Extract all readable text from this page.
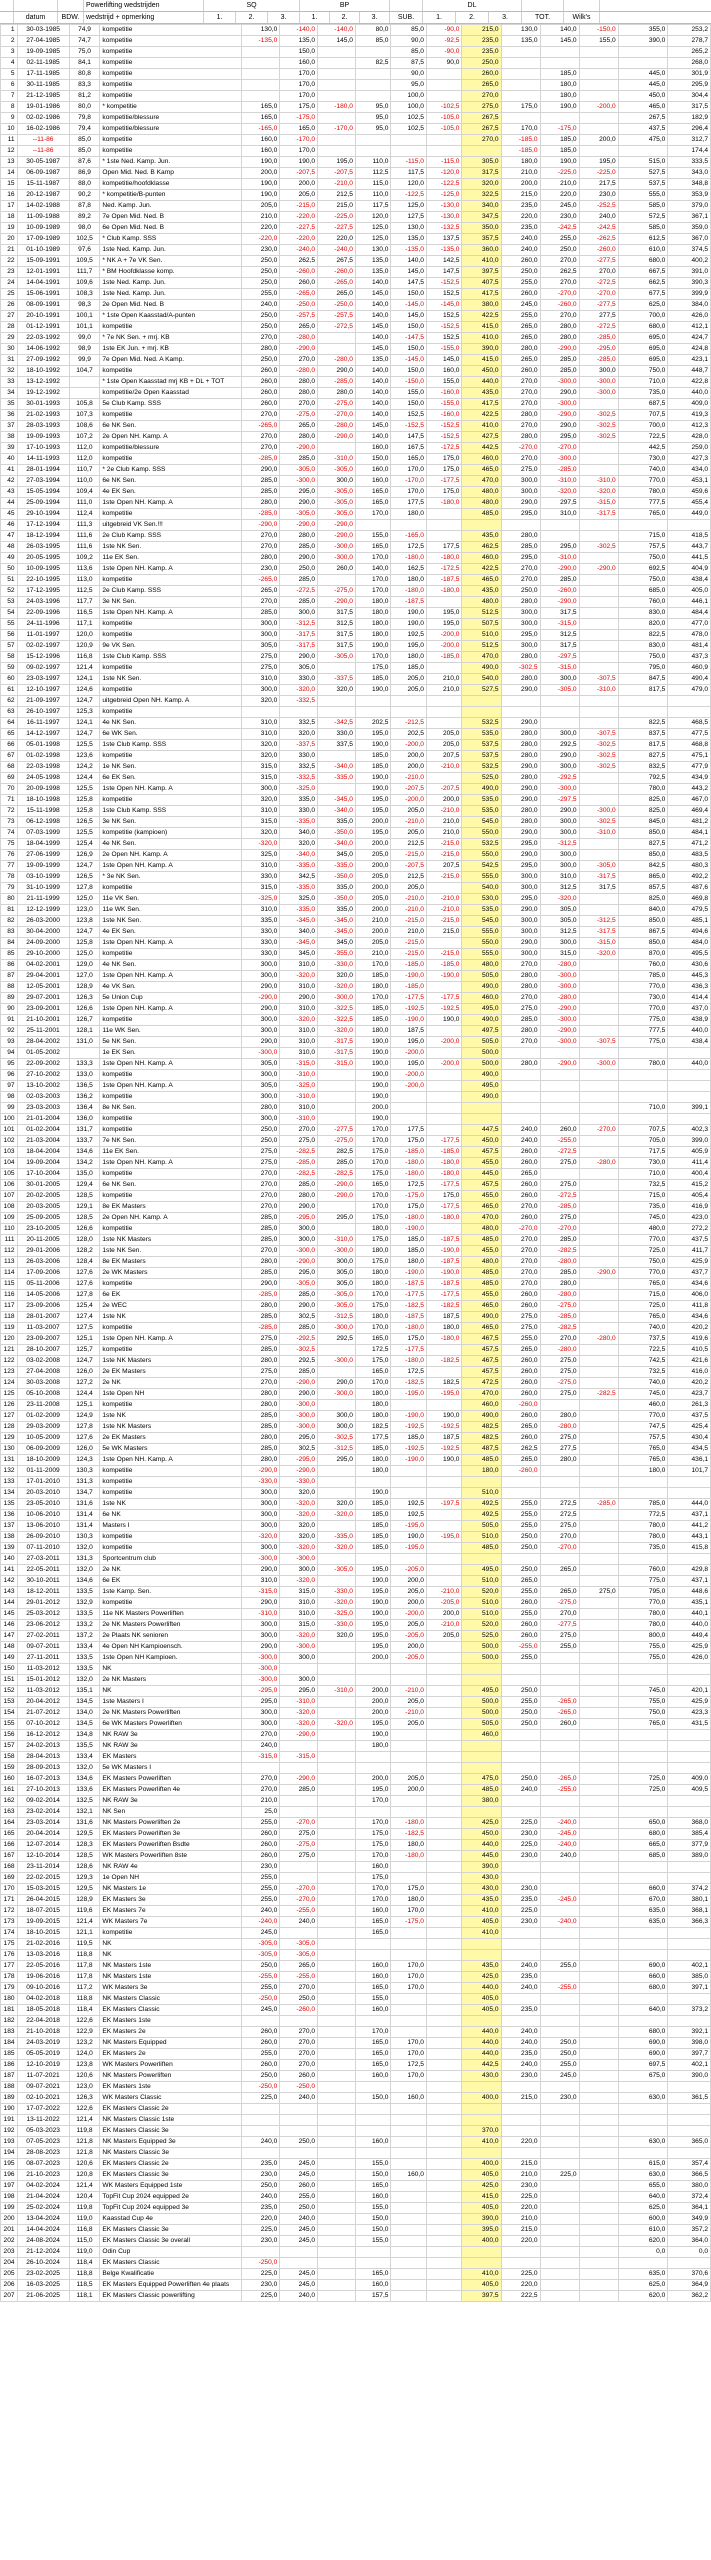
Powerlifting wedstrijden	SQ	BP	DL
datum	BDW. wedstrijd + opmerking	1.	2.	3.	1.	2.	3.	SUB.	1.	2.	3.	TOT.	Wilk's
1	30-03-1985	74,9	kompetitie	130,0	-140,0	-140,0	80,0	85,0	-90,0	215,0	130,0	140,0	-150,0	355,0	253,2
2	27-04-1985	74,7	kompetitie	-135,0	135,0	145,0	85,0	90,0	-92,5	235,0	135,0	145,0	155,0	390,0	278,7
3	19-09-1985	75,0	kompetitie		150,0			85,0	-90,0	235,0					265,2
4	02-11-1985	84,1	kompetitie		160,0		82,5	87,5	90,0	250,0					268,0
5	17-11-1985	80,8	kompetitie		170,0			90,0		260,0		185,0		445,0	301,9
6	30-11-1985	83,3	kompetitie		170,0			95,0		265,0		180,0		445,0	295,9
7	21-12-1985	81,2	kompetitie		170,0			100,0		270,0		180,0		450,0	304,4
8	19-01-1986	80,0	* kompetitie	165,0	175,0	-180,0	95,0	100,0	-102,5	275,0	175,0	190,0	-200,0	465,0	317,5
9	02-02-1986	79,8	kompetitie/blessure	165,0	-175,0		95,0	102,5	-105,0	267,5				267,5	182,9
10	16-02-1986	79,4	kompetitie/blessure	-165,0	165,0	-170,0	95,0	102,5	-105,0	267,5	170,0	-175,0		437,5	296,4
11	--11-86	85,0	kompetitie	160,0	-170,0					270,0	-185,0	185,0	200,0	475,0	312,7
12	--11-86	85,0	kompetitie	160,0	170,0						-185,0	185,0			174,4
13	30-05-1987	87,6	* 1ste Ned. Kamp. Jun.	190,0	190,0	195,0	110,0	-115,0	-115,0	305,0	180,0	190,0	195,0	515,0	333,5
14	06-09-1987	86,9	Open Mid. Ned. B Kamp	200,0	-207,5	-207,5	112,5	117,5	-120,0	317,5	210,0	-225,0	-225,0	527,5	343,0
15	15-11-1987	88,0	kompetitie/hoofdklasse	190,0	200,0	-210,0	115,0	120,0	-122,5	320,0	200,0	210,0	217,5	537,5	348,8
16	20-12-1987	90,2	* kompetitie/B-punten	190,0	205,0	212,5	110,0	-122,5	-125,0	322,5	215,0	220,0	230,0	555,0	353,9
17	14-02-1988	87,8	Ned. Kamp. Jun.	205,0	-215,0	215,0	117,5	125,0	-130,0	340,0	235,0	245,0	-252,5	585,0	379,0
18	11-09-1988	89,2	7e Open Mid. Ned. B	210,0	-220,0	-225,0	120,0	127,5	-130,0	347,5	220,0	230,0	240,0	572,5	367,1
19	10-09-1989	98,0	6e Open Mid. Ned. B	220,0	-227,5	-227,5	125,0	130,0	-132,5	350,0	235,0	-242,5	-242,5	585,0	359,0
20	17-09-1989	102,5	* Club Kamp. SSS	-220,0	-220,0	220,0	125,0	135,0	137,5	357,5	240,0	255,0	-262,5	612,5	367,0
21	01-10-1989	97,6	1ste Ned. Kamp. Jun.	230,0	-240,0	-240,0	130,0	-135,0	-135,0	360,0	240,0	250,0	-260,0	610,0	374,5
22	15-09-1991	109,5	* NK A + 7e VK Sen.	250,0	262,5	267,5	135,0	140,0	142,5	410,0	260,0	270,0	-277,5	680,0	400,2
23	12-01-1991	111,7	* BM Hoofdklasse komp.	250,0	-260,0	-260,0	135,0	145,0	147,5	397,5	250,0	262,5	270,0	667,5	391,0
24	14-04-1991	109,6	1ste Ned. Kamp. Jun.	250,0	260,0	-265,0	140,0	147,5	-152,5	407,5	255,0	270,0	-272,5	662,5	390,3
25	15-06-1991	108,3	1ste Ned. Kamp. Jun.	255,0	-265,0	265,0	145,0	150,0	152,5	417,5	260,0	-270,0	-270,0	677,5	399,9
26	08-09-1991	98,3	2e Open Mid. Ned. B	240,0	-250,0	-250,0	140,0	-145,0	-145,0	380,0	245,0	-260,0	-277,5	625,0	384,0
27	20-10-1991	100,1	* 1ste Open Kaasstad/A-punten	250,0	-257,5	-257,5	140,0	145,0	152,5	422,5	255,0	270,0	277,5	700,0	426,0
28	01-12-1991	101,1	kompetitie	250,0	265,0	-272,5	145,0	150,0	-152,5	415,0	265,0	280,0	-272,5	680,0	412,1
29	22-03-1992	99,0	* 7e NK Sen. + mrj. KB	270,0	-280,0		140,0	-147,5	152,5	410,0	265,0	280,0	-285,0	695,0	424,7
30	14-06-1992	98,9	1ste EK Jun. + mrj. KB	280,0	-290,0		145,0	150,0	-155,0	390,0	280,0	-290,0	-295,0	695,0	424,8
31	27-09-1992	99,9	7e Open Mid. Ned. A Kamp.	250,0	270,0	-280,0	135,0	-145,0	145,0	415,0	265,0	285,0	-285,0	695,0	423,1
32	18-10-1992	104,7	kompetitie	260,0	-280,0	290,0	140,0	150,0	160,0	450,0	260,0	285,0	300,0	750,0	448,7
33	13-12-1992		* 1ste Open Kaasstad mrj KB + DL + TOT	260,0	280,0	-285,0	140,0	-150,0	155,0	440,0	270,0	-300,0	-300,0	710,0	422,8
34	19-12-1992		kompetitie/2e Open Kaasstad	260,0	280,0	280,0	140,0	155,0	-160,0	435,0	270,0	290,0	-300,0	735,0	440,0
35	30-01-1993	105,8	5e Club Kamp. SSS	260,0	270,0	-275,0	140,0	150,0	-155,0	417,5	270,0	-300,0		687,5	409,0
36	21-02-1993	107,3	kompetitie	270,0	-275,0	-270,0	140,0	152,5	-160,0	422,5	280,0	-290,0	-302,5	707,5	419,3
37	28-03-1993	108,6	6e NK Sen.	-265,0	265,0	-280,0	145,0	-152,5	-152,5	410,0	270,0	290,0	-302,5	700,0	412,3
38	19-09-1993	107,2	2e Open NH. Kamp. A	270,0	280,0	-290,0	140,0	147,5	-152,5	427,5	280,0	295,0	-302,5	722,5	428,0
39	17-10-1993	112,0	kompetitie/blessure	270,0	-290,0		160,0	167,5	-172,5	442,5	-270,0	-270,0		442,5	259,0
40	14-11-1993	112,0	kompetitie	-285,0	285,0	-310,0	150,0	165,0	175,0	460,0	270,0	-300,0		730,0	427,3
41	28-01-1994	110,7	* 2e Club Kamp. SSS	290,0	-305,0	-305,0	160,0	170,0	175,0	465,0	275,0	-285,0		740,0	434,0
42	27-03-1994	110,0	6e NK Sen.	285,0	-300,0	300,0	160,0	-170,0	-177,5	470,0	300,0	-310,0	-310,0	770,0	453,1
43	15-05-1994	109,4	4e EK Sen.	285,0	295,0	-305,0	165,0	170,0	175,0	480,0	300,0	-320,0	-320,0	780,0	459,6
44	25-09-1994	111,0	1ste Open NH. Kamp. A	280,0	290,0	-305,0	165,0	177,5	-180,0	480,0	290,0	297,5	-315,0	777,5	455,4
45	29-10-1994	112,4	kompetitie	-285,0	-305,0	-305,0	170,0	180,0		485,0	295,0	310,0	-317,5	765,0	449,0
46	17-12-1994	111,3	uitgebreid VK Sen.!!!	-290,0	-290,0	-290,0									
47	18-12-1994	111,6	2e Club Kamp. SSS	270,0	280,0	-290,0	155,0	-165,0		435,0	280,0			715,0	418,5
48	26-03-1995	111,6	1ste NK Sen.	270,0	285,0	-300,0	165,0	172,5	177,5	462,5	285,0	295,0	-302,5	757,5	443,7
49	20-05-1995	109,2	11e EK Sen.	280,0	290,0	-300,0	170,0	-180,0	-180,0	460,0	295,0	-310,0		750,0	441,5
50	10-09-1995	113,6	1ste Open NH. Kamp. A	230,0	250,0	260,0	140,0	162,5	-172,5	422,5	270,0	-290,0	-290,0	692,5	404,9
51	22-10-1995	113,0	kompetitie	-265,0	285,0		170,0	180,0	-187,5	465,0	270,0	285,0		750,0	438,4
52	17-12-1995	112,5	2e Club Kamp. SSS	265,0	-272,5	-275,0	170,0	-180,0	-180,0	435,0	250,0	-260,0		685,0	405,0
53	24-03-1996	117,7	3e NK Sen.	270,0	285,0	-290,0	180,0	-187,5		480,0	280,0	-290,0		760,0	446,1
54	22-09-1996	116,5	1ste Open NH. Kamp. A	285,0	300,0	317,5	180,0	190,0	195,0	512,5	300,0	317,5		830,0	484,4
55	24-11-1996	117,1	kompetitie	300,0	-312,5	312,5	180,0	190,0	195,0	507,5	300,0	-315,0		820,0	477,0
56	11-01-1997	120,0	kompetitie	300,0	-317,5	317,5	180,0	192,5	-200,0	510,0	295,0	312,5		822,5	478,0
57	02-02-1997	120,9	9e VK Sen.	305,0	-317,5	317,5	190,0	195,0	-200,0	512,5	300,0	317,5		830,0	481,4
58	15-12-1996	116,8	1ste Club Kamp. SSS	275,0	290,0	-305,0	170,0	180,0	-185,0	470,0	280,0	-297,5		750,0	437,3
59	09-02-1997	121,4	kompetitie	275,0	305,0		175,0	185,0		490,0	-302,5	-315,0		795,0	460,9
60	23-03-1997	124,1	1ste NK Sen.	310,0	330,0	-337,5	185,0	205,0	210,0	540,0	280,0	300,0	-307,5	847,5	490,4
61	12-10-1997	124,6	kompetitie	300,0	-320,0	320,0	190,0	205,0	210,0	527,5	290,0	-305,0	-310,0	817,5	479,0
62	21-09-1997	124,7	uitgebreid Open NH. Kamp. A	320,0	-332,5										
63	26-10-1997	125,3	kompetitie												
64	16-11-1997	124,1	4e NK Sen.	310,0	332,5	-342,5	202,5	-212,5		532,5	290,0			822,5	468,5
65	14-12-1997	124,7	6e WK Sen.	310,0	320,0	330,0	195,0	202,5	205,0	535,0	280,0	300,0	-307,5	837,5	477,5
66	05-01-1998	125,5	1ste Club Kamp. SSS	320,0	-337,5	337,5	190,0	-200,0	205,0	537,5	280,0	292,5	-302,5	817,5	468,8
67	01-02-1998	123,6	kompetitie	320,0	330,0		185,0	200,0	207,5	537,5	280,0	290,0	-302,5	827,5	475,1
68	22-03-1998	124,2	1e NK Sen.	315,0	332,5	-340,0	185,0	200,0	-210,0	532,5	290,0	300,0	-302,5	832,5	477,9
69	24-05-1998	124,4	6e EK Sen.	315,0	-332,5	-335,0	190,0	-210,0		525,0	280,0	-292,5		792,5	434,9
70	20-09-1998	125,5	1ste Open NH. Kamp. A	300,0	-325,0		190,0	-207,5	-207,5	490,0	290,0	-300,0		780,0	443,2
71	18-10-1998	125,8	kompetitie	320,0	335,0	-345,0	195,0	-200,0	200,0	535,0	290,0	-297,5		825,0	467,0
72	15-11-1998	125,8	1ste Club Kamp. SSS	310,0	330,0	-340,0	195,0	205,0	-210,0	535,0	280,0	290,0	-300,0	825,0	469,4
73	06-12-1998	126,5	3e NK Sen.	315,0	-335,0	335,0	200,0	-210,0	210,0	545,0	280,0	300,0	-302,5	845,0	481,2
74	07-03-1999	125,5	kompetitie (kampioen)	320,0	340,0	-350,0	195,0	205,0	210,0	550,0	290,0	300,0	-310,0	850,0	484,1
75	18-04-1999	125,4	4e NK Sen.	-320,0	320,0	-340,0	200,0	212,5	-215,0	532,5	295,0	-312,5		827,5	471,2
76	27-06-1999	126,9	2e Open NH. Kamp. A	325,0	-340,0	345,0	205,0	-215,0	-215,0	550,0	290,0	300,0		850,0	483,5
77	19-09-1999	124,7	1ste Open NH. Kamp. A	310,0	-335,0	-335,0	200,0	-207,5	207,5	542,5	295,0	300,0	-305,0	842,5	480,3
78	03-10-1999	126,5	* 3e NK Sen.	330,0	342,5	-350,0	205,0	212,5	-215,0	555,0	300,0	310,0	-317,5	865,0	492,2
79	31-10-1999	127,8	kompetitie	315,0	-335,0	335,0	200,0	205,0		540,0	300,0	312,5	317,5	857,5	487,6
80	21-11-1999	125,0	11e VK Sen.	-325,0	325,0	-350,0	205,0	-210,0	-210,0	530,0	295,0	-320,0		825,0	469,8
81	12-12-1999	123,0	11e WK Sen.	310,0	-335,0	335,0	200,0	-210,0	-210,0	535,0	290,0	305,0		840,0	479,5
82	26-03-2000	123,8	1ste NK Sen.	335,0	-345,0	-345,0	210,0	-215,0	-215,0	545,0	300,0	305,0	-312,5	850,0	485,1
83	30-04-2000	124,7	4e EK Sen.	330,0	340,0	-345,0	200,0	210,0	215,0	555,0	300,0	312,5	-317,5	867,5	494,6
84	24-09-2000	125,8	1ste Open NH. Kamp. A	330,0	-345,0	345,0	205,0	-215,0		550,0	290,0	300,0	-315,0	850,0	484,0
85	29-10-2000	125,0	kompetitie	330,0	345,0	-355,0	210,0	-215,0	-215,0	555,0	300,0	315,0	-320,0	870,0	495,5
86	04-02-2001	129,0	4e NK Sen.	300,0	310,0	-330,0	170,0	-185,0	-185,0	480,0	270,0	-280,0		760,0	430,6
87	29-04-2001	127,0	1ste Open NH. Kamp. A	300,0	-320,0	320,0	185,0	-190,0	-190,0	505,0	280,0	-300,0		785,0	445,3
88	12-05-2001	128,9	4e VK Sen.	290,0	310,0	-320,0	180,0	-185,0		490,0	280,0	-300,0		770,0	436,3
89	29-07-2001	126,3	5e Union Cup	-290,0	290,0	-300,0	170,0	-177,5	-177,5	460,0	270,0	-280,0		730,0	414,4
90	23-09-2001	126,6	1ste Open NH. Kamp. A	290,0	310,0	-322,5	185,0	-192,5	-192,5	495,0	275,0	-290,0		770,0	437,0
91	21-10-2001	126,7	kompetitie	300,0	-320,0	-322,5	185,0	-190,0	190,0	490,0	285,0	-300,0		775,0	438,9
92	25-11-2001	128,1	11e WK Sen.	300,0	310,0	-320,0	180,0	187,5		497,5	280,0	-290,0		777,5	440,0
93	28-04-2002	131,0	5e NK Sen.	290,0	310,0	-317,5	190,0	195,0	-200,0	505,0	270,0	-300,0	-307,5	775,0	438,4
94	01-05-2002		1e EK Sen.	-300,0	310,0	-317,5	190,0	-200,0		500,0					
95	22-09-2002	133,3	1ste Open NH. Kamp. A	305,0	-315,0	-315,0	190,0	195,0	-200,0	500,0	280,0	-290,0	-300,0	780,0	440,0
96	27-10-2002	133,0	kompetitie	300,0	-310,0		190,0	-200,0		490,0					
97	13-10-2002	136,5	1ste Open NH. Kamp. A	305,0	-325,0		190,0	-200,0		495,0					
98	02-03-2003	136,2	kompetitie	300,0	-310,0		190,0			490,0					
99	23-03-2003	136,4	8e NK Sen.	280,0	310,0		200,0							710,0	399,1
100	21-01-2004	136,0	kompetitie	300,0	-310,0		190,0								
101	01-02-2004	131,7	kompetitie	250,0	270,0	-277,5	170,0	177,5		447,5	240,0	260,0	-270,0	707,5	402,3
102	21-03-2004	133,7	7e NK Sen.	250,0	275,0	-275,0	170,0	175,0	-177,5	450,0	240,0	-255,0		705,0	399,0
103	18-04-2004	134,6	11e EK Sen.	275,0	-282,5	282,5	175,0	-185,0	-185,0	457,5	260,0	-272,5		717,5	405,9
104	19-09-2004	134,2	1ste Open NH. Kamp. A	275,0	-285,0	285,0	170,0	-180,0	-180,0	455,0	260,0	275,0	-280,0	730,0	411,4
105	17-10-2004	135,0	kompetitie	270,0	-282,5	-282,5	175,0	-180,0	-180,0	445,0	265,0			710,0	400,4
106	30-01-2005	129,4	6e NK Sen.	270,0	285,0	-290,0	165,0	172,5	-177,5	457,5	260,0	275,0		732,5	415,2
107	20-02-2005	128,5	kompetitie	270,0	280,0	-290,0	170,0	-175,0	175,0	455,0	260,0	-272,5		715,0	405,4
108	20-03-2005	129,1	8e EK Masters	270,0	290,0		170,0	175,0	-177,5	465,0	270,0	-285,0		735,0	416,9
109	25-09-2005	128,5	2e Open NH. Kamp. A	285,0	-295,0	295,0	175,0	-180,0	-180,0	470,0	260,0	275,0		745,0	423,0
110	23-10-2005	126,6	kompetitie	285,0	300,0		180,0	-190,0		480,0	-270,0	-270,0		480,0	272,2
111	20-11-2005	128,0	1ste NK Masters	285,0	300,0	-310,0	175,0	185,0	-187,5	485,0	270,0	285,0		770,0	437,5
112	29-01-2006	128,2	1ste NK Sen.	270,0	-300,0	-300,0	180,0	185,0	-190,0	455,0	270,0	-282,5		725,0	411,7
113	26-03-2006	128,4	8e EK Masters	280,0	-290,0	300,0	175,0	180,0	-187,5	480,0	270,0	-280,0		750,0	425,9
114	17-09-2006	127,6	2e WK Masters	285,0	295,0	305,0	180,0	-190,0	-190,0	485,0	270,0	285,0	-290,0	770,0	437,7
115	05-11-2006	127,6	kompetitie	290,0	-305,0	305,0	180,0	-187,5	-187,5	485,0	270,0	280,0		765,0	434,6
116	14-05-2006	127,8	6e EK	-285,0	285,0	-305,0	170,0	-177,5	-177,5	455,0	260,0	-280,0		715,0	406,0
117	23-09-2006	125,4	2e WEC	280,0	290,0	-305,0	175,0	-182,5	-182,5	465,0	260,0	-275,0		725,0	411,8
118	28-01-2007	127,4	1ste NK	285,0	302,5	-312,5	180,0	-187,5	187,5	490,0	275,0	-285,0		765,0	434,6
119	11-03-2007	127,5	kompetitie	-285,0	285,0	-300,0	170,0	-180,0	180,0	465,0	275,0	-282,5		740,0	420,2
120	23-09-2007	125,1	1ste Open NH. Kamp. A	275,0	-292,5	292,5	165,0	175,0	-180,0	467,5	255,0	270,0	-280,0	737,5	419,6
121	28-10-2007	125,7	kompetitie	285,0	-302,5		172,5	-177,5		457,5	265,0	-280,0		722,5	410,5
122	03-02-2008	124,7	1ste NK Masters	280,0	292,5	-300,0	175,0	-180,0	-182,5	467,5	260,0	275,0		742,5	421,6
123	27-04-2008	126,0	2e EK Masters	275,0	285,0		165,0	172,5		457,5	260,0	275,0		732,5	416,0
124	30-03-2008	127,2	2e NK	270,0	-290,0	290,0	170,0	-182,5	182,5	472,5	260,0	-275,0		740,0	420,2
125	05-10-2008	124,4	1ste Open NH	280,0	290,0	-300,0	180,0	-195,0	-195,0	470,0	260,0	275,0	-282,5	745,0	423,7
126	23-11-2008	125,1	kompetitie	280,0	-300,0		180,0			460,0	-260,0			460,0	261,3
127	01-02-2009	124,9	1ste NK	285,0	-300,0	300,0	180,0	-190,0	190,0	490,0	260,0	280,0		770,0	437,5
128	29-03-2009	127,8	1ste NK Masters	285,0	-300,0	300,0	182,5	-192,5	-192,5	482,5	265,0	-280,0		747,5	425,4
129	10-05-2009	127,6	2e EK Masters	280,0	295,0	-302,5	177,5	185,0	187,5	482,5	260,0	275,0		757,5	430,4
130	06-09-2009	126,0	5e WK Masters	285,0	302,5	-312,5	185,0	-192,5	-192,5	487,5	262,5	277,5		765,0	434,5
131	18-10-2009	124,3	1ste Open NH. Kamp. A	280,0	-295,0	295,0	180,0	-190,0	190,0	485,0	265,0	280,0		765,0	436,1
132	01-11-2009	130,3	kompetitie	-290,0	-290,0		180,0			180,0	-260,0			180,0	101,7
133	17-01-2010	131,3	kompetitie	-330,0	-330,0										
134	20-03-2010	134,7	kompetitie	300,0	320,0		190,0			510,0					
135	23-05-2010	131,6	1ste NK	300,0	-320,0	320,0	185,0	192,5	-197,5	492,5	255,0	272,5	-285,0	785,0	444,0
136	10-06-2010	131,4	6e NK	300,0	-320,0	-320,0	185,0	192,5		492,5	255,0	272,5		772,5	437,1
137	13-06-2010	131,4	Masters I	300,0	320,0		185,0	-195,0		505,0	255,0	275,0		780,0	441,2
138	26-09-2010	130,3	kompetitie	-320,0	320,0	-335,0	185,0	190,0	-195,0	510,0	250,0	270,0		780,0	443,1
139	07-11-2010	132,0	kompetitie	300,0	-320,0	-320,0	185,0	-195,0		485,0	250,0	-270,0		735,0	415,8
140	27-03-2011	131,3	Sportcentrum club	-300,0	-300,0										
141	22-05-2011	132,0	2e NK	290,0	300,0	-305,0	195,0	-205,0		495,0	250,0	265,0		760,0	429,8
142	30-10-2011	134,6	6e EK	310,0	-320,0		190,0	200,0		510,0	265,0			775,0	437,1
143	18-12-2011	133,5	1ste Kamp. Sen.	-315,0	315,0	-330,0	195,0	205,0	-210,0	520,0	255,0	265,0	275,0	795,0	448,6
144	29-01-2012	132,9	kompetitie	290,0	310,0	-320,0	190,0	200,0	-205,0	510,0	260,0	-275,0		770,0	435,1
145	25-03-2012	133,5	11e NK Masters Powerliften	-310,0	310,0	-325,0	190,0	-200,0	200,0	510,0	255,0	270,0		780,0	440,1
146	23-06-2012	133,2	2e NK Masters Powerliften	300,0	315,0	-330,0	195,0	205,0	-210,0	520,0	260,0	-277,5		780,0	440,0
147	27-02-2011	137,2	2e Plaats NK senioren	300,0	-320,0	320,0	195,0	-205,0	205,0	525,0	260,0	275,0		800,0	449,4
148	09-07-2011	133,4	4e Open NH Kampioensch.	290,0	-300,0		195,0	200,0		500,0	-255,0	255,0		755,0	425,9
149	27-11-2011	133,5	1ste Open NH Kampioen.	-300,0	300,0		200,0	-205,0		500,0	255,0			755,0	426,0
150	11-03-2012	133,5	NK	-300,0											
151	15-01-2012	132,0	2e NK Masters	-300,0	300,0										
152	11-03-2012	135,1	NK	-295,0	295,0	-310,0	200,0	-210,0		495,0	250,0			745,0	420,1
153	20-04-2012	134,5	1ste Masters I	295,0	-310,0		200,0	205,0		500,0	255,0	-265,0		755,0	425,9
154	21-07-2012	134,0	2e NK Masters Powerliften	300,0	-320,0		200,0	-210,0		500,0	250,0	-265,0		750,0	423,3
155	07-10-2012	134,5	6e WK Masters Powerliften	300,0	-320,0	-320,0	195,0	205,0		505,0	250,0	260,0		765,0	431,5
156	16-12-2012	134,8	NK RAW 3e	270,0	-290,0		190,0			460,0					
157	24-02-2013	135,5	NK RAW 3e	240,0			180,0								
158	28-04-2013	133,4	EK Masters	-315,0	-315,0										
159	28-09-2013	132,0	5e WK Masters I												
160	16-07-2013	134,6	EK Masters Powerliften	270,0	-290,0		200,0	205,0		475,0	250,0	-265,0		725,0	409,0
161	27-10-2013	133,6	EK Masters Powerliften 4e	270,0	285,0		195,0	200,0		485,0	240,0	-255,0		725,0	409,5
162	09-02-2014	132,5	NK RAW 3e	210,0			170,0			380,0					
163	23-02-2014	132,1	NK Sen	25,0											
164	23-03-2014	131,6	NK Masters Powerliften 2e	255,0	-270,0		170,0	-180,0		425,0	225,0	-240,0		650,0	368,0
165	20-04-2014	129,5	EK Masters Powerliften 3e	260,0	275,0		175,0	-182,5		450,0	230,0	-245,0		680,0	385,4
166	12-07-2014	128,3	EK Masters Powerliften Bsdte	260,0	-275,0		175,0	180,0		440,0	225,0	-240,0		665,0	377,9
167	12-10-2014	128,5	WK Masters Powerliften 8ste	260,0	275,0		170,0	-180,0		445,0	230,0	240,0		685,0	389,0
168	23-11-2014	128,6	NK RAW 4e	230,0			160,0			390,0					
169	22-02-2015	129,3	1e Open NH	255,0			175,0			430,0					
170	15-03-2015	129,5	NK Masters 1e	255,0	-270,0		170,0	175,0		430,0	230,0			660,0	374,2
171	26-04-2015	128,9	EK Masters 3e	255,0	-270,0		170,0	180,0		435,0	235,0	-245,0		670,0	380,1
172	18-07-2015	119,6	EK Masters 7e	240,0	-255,0		160,0	170,0		410,0	225,0			635,0	368,1
173	19-09-2015	121,4	WK Masters 7e	-240,0	240,0		165,0	-175,0		405,0	230,0	-240,0		635,0	366,3
174	18-10-2015	121,1	kompetitie	245,0			165,0			410,0					
175	21-02-2016	119,5	NK	-305,0	-305,0										
176	13-03-2016	118,8	NK	-305,0	-305,0										
177	22-05-2016	117,8	NK Masters 1ste	250,0	265,0		160,0	170,0		435,0	240,0	255,0		690,0	402,1
178	19-06-2016	117,8	NK Masters 1ste	-255,0	-255,0		160,0	170,0		425,0	235,0			660,0	385,0
179	09-10-2016	117,2	WK Masters 3e	255,0	270,0		165,0	170,0		440,0	240,0	-255,0		680,0	397,1
180	04-02-2018	118,8	NK Masters Classic	-250,0	250,0		155,0			405,0					
181	18-05-2018	118,4	EK Masters Classic	245,0	-260,0		160,0			405,0	235,0			640,0	373,2
182	22-04-2018	122,6	EK Masters 1ste												
183	21-10-2018	122,9	EK Masters 2e	260,0	270,0		170,0			440,0	240,0			680,0	392,1
184	24-03-2019	123,2	NK Masters Equipped	260,0	270,0		165,0	170,0		440,0	240,0	250,0		690,0	398,0
185	05-05-2019	124,0	EK Masters 2e	255,0	270,0		165,0	170,0		440,0	235,0	250,0		690,0	397,7
186	12-10-2019	123,8	WK Masters Powerliften	260,0	270,0		165,0	172,5		442,5	240,0	255,0		697,5	402,1
187	11-07-2021	120,6	NK Masters Powerliften	250,0	260,0		160,0	170,0		430,0	230,0	245,0		675,0	390,0
188	09-07-2021	123,0	EK Masters 1ste	-250,0	-250,0										
189	02-10-2021	126,3	WK Masters Classic	225,0	240,0		150,0	160,0		400,0	215,0	230,0		630,0	361,5
190	17-07-2022	122,6	EK Masters Classic 2e												
191	13-11-2022	121,4	NK Masters Classic 1ste												
192	05-03-2023	119,8	EK Masters Classic 3e							370,0					
193	07-05-2023	121,8	NK Masters Equipped 3e	240,0	250,0		160,0			410,0	220,0			630,0	365,0
194	28-08-2023	121,8	NK Masters Classic 3e												
195	08-07-2023	120,6	EK Masters Classic 2e	235,0	245,0		155,0			400,0	215,0			615,0	357,4
196	21-10-2023	120,8	EK Masters Classic 3e	230,0	245,0		150,0	160,0		405,0	210,0	225,0		630,0	366,5
197	04-02-2024	121,4	WK Masters Equipped 1ste	250,0	260,0		165,0			425,0	230,0			655,0	380,0
198	21-04-2024	120,4	TopFit Cup 2024 equipped 2e	240,0	255,0		160,0			415,0	225,0			640,0	372,4
199	25-02-2024	119,8	TopFit Cup 2024 equipped 3e	235,0	250,0		155,0			405,0	220,0			625,0	364,1
200	13-04-2024	119,0	Kaasstad Cup 4e	220,0	240,0		150,0			390,0	210,0			600,0	349,9
201	14-04-2024	116,8	EK Masters Classic 3e	225,0	245,0		150,0			395,0	215,0			610,0	357,2
202	24-08-2024	115,0	EK Masters Classic 3e overall	230,0	245,0		155,0			400,0	220,0			620,0	364,0
203	21-12-2024	119,0	Odin Cup											0,0	0,0
204	26-10-2024	118,4	EK Masters Classic	-250,0											
205	23-02-2025	118,8	Belge Kwalificatie	225,0	245,0		165,0			410,0	225,0			635,0	370,6
206	16-03-2025	118,5	EK Masters Equipped Powerliften 4e plaats	230,0	245,0		160,0			405,0	220,0			625,0	364,9
207	21-06-2025	118,1	EK Masters Classic powerlifting	225,0	240,0		157,5			397,5	222,5			620,0	362,2
